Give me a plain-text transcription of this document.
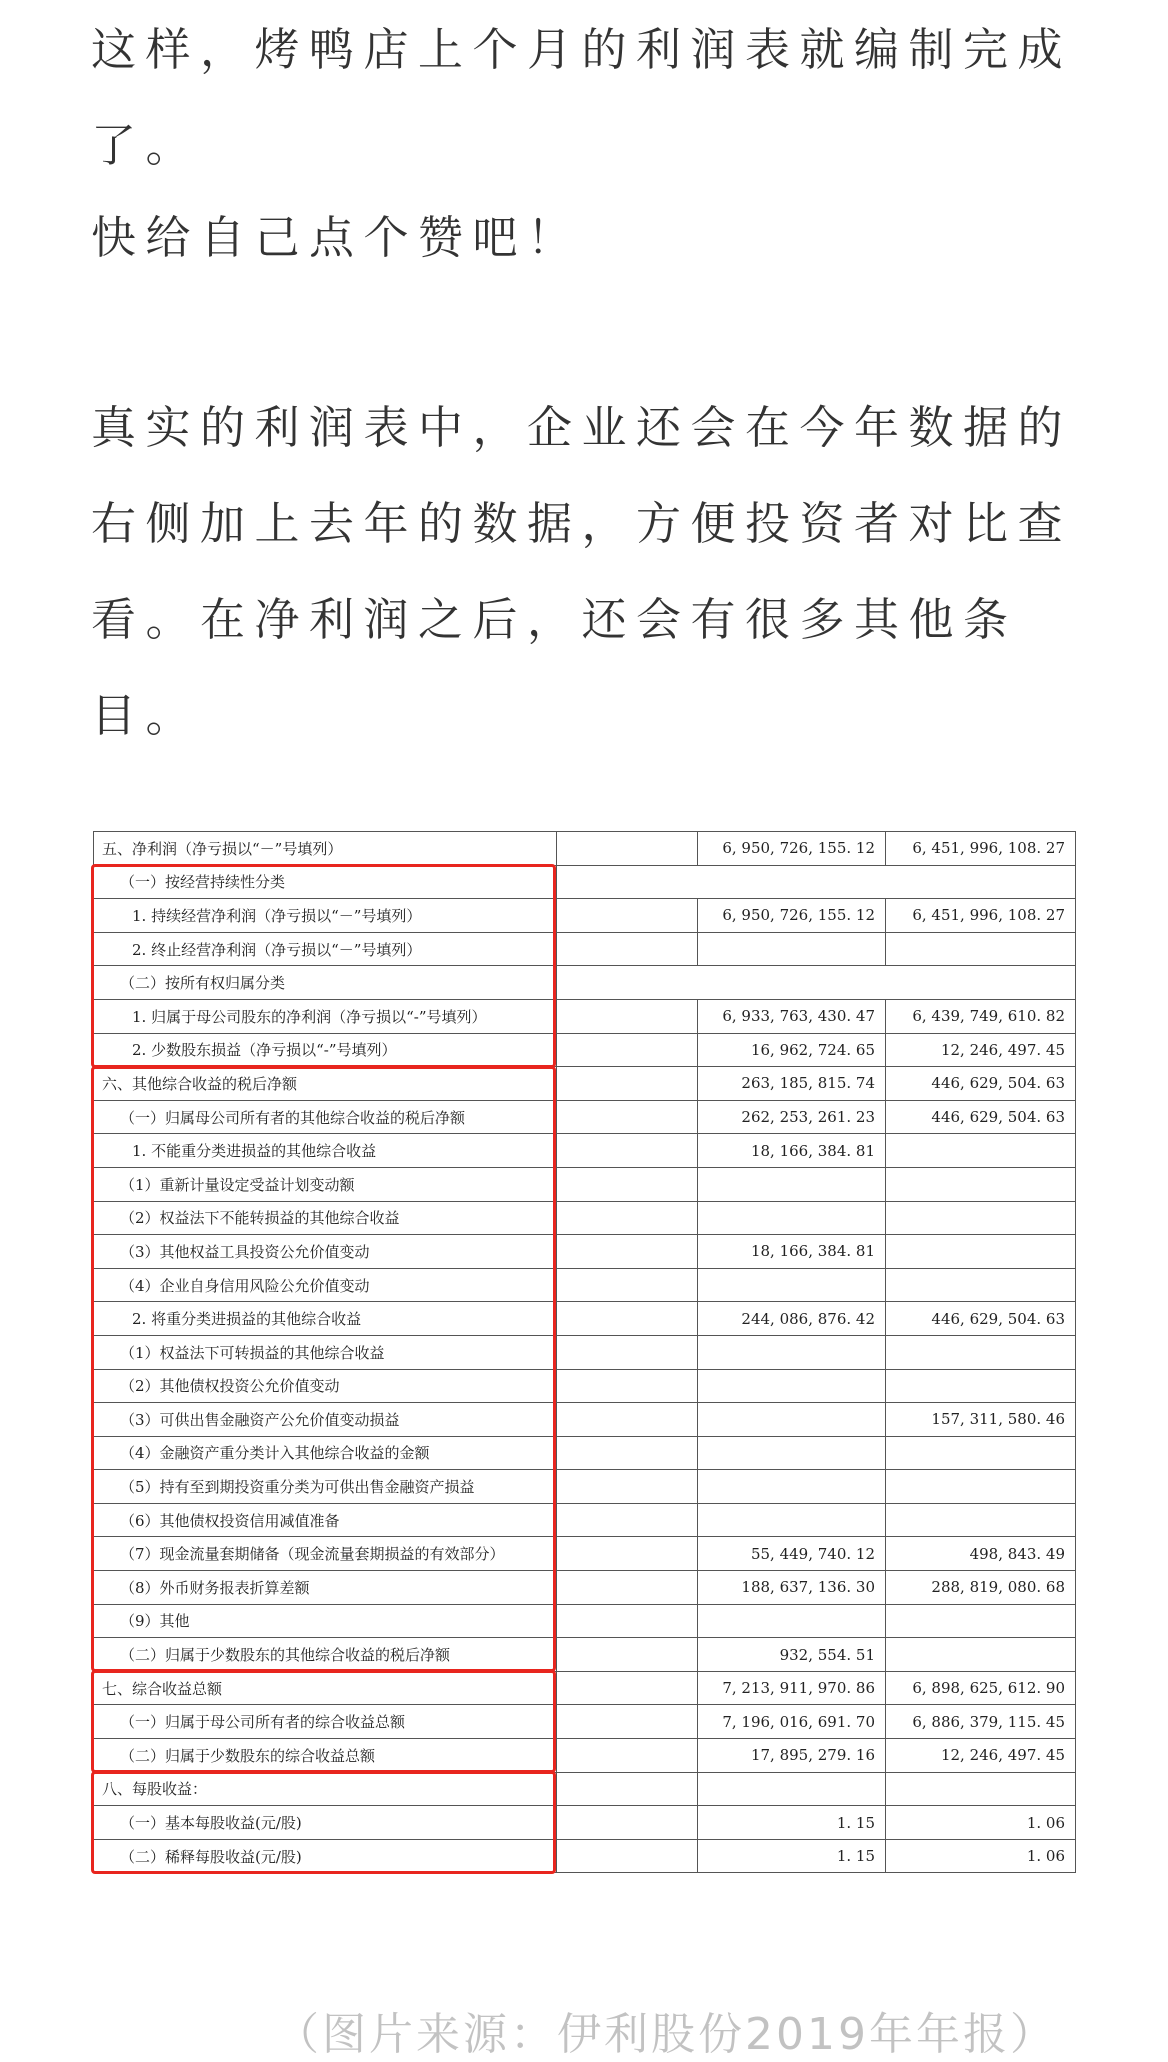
这样，烤鸭店上个月的利润表就编制完成了。

快给自己点个赞吧！

真实的利润表中，企业还会在今年数据的右侧加上去年的数据，方便投资者对比查看。在净利润之后，还会有很多其他条目。

五、净利润（净亏损以“－”号填列）		6, 950, 726, 155. 12	6, 451, 996, 108. 27
（一）按经营持续性分类			
1. 持续经营净利润（净亏损以“－”号填列）		6, 950, 726, 155. 12	6, 451, 996, 108. 27
2. 终止经营净利润（净亏损以“－”号填列）			
（二）按所有权归属分类			
1. 归属于母公司股东的净利润（净亏损以“-”号填列）		6, 933, 763, 430. 47	6, 439, 749, 610. 82
2. 少数股东损益（净亏损以“-”号填列）		16, 962, 724. 65	12, 246, 497. 45
六、其他综合收益的税后净额		263, 185, 815. 74	446, 629, 504. 63
（一）归属母公司所有者的其他综合收益的税后净额		262, 253, 261. 23	446, 629, 504. 63
1. 不能重分类进损益的其他综合收益		18, 166, 384. 81	
（1）重新计量设定受益计划变动额			
（2）权益法下不能转损益的其他综合收益			
（3）其他权益工具投资公允价值变动		18, 166, 384. 81	
（4）企业自身信用风险公允价值变动			
2. 将重分类进损益的其他综合收益		244, 086, 876. 42	446, 629, 504. 63
（1）权益法下可转损益的其他综合收益			
（2）其他债权投资公允价值变动			
（3）可供出售金融资产公允价值变动损益			157, 311, 580. 46
（4）金融资产重分类计入其他综合收益的金额			
（5）持有至到期投资重分类为可供出售金融资产损益			
（6）其他债权投资信用减值准备			
（7）现金流量套期储备（现金流量套期损益的有效部分）		55, 449, 740. 12	498, 843. 49
（8）外币财务报表折算差额		188, 637, 136. 30	288, 819, 080. 68
（9）其他			
（二）归属于少数股东的其他综合收益的税后净额		932, 554. 51	
七、综合收益总额		7, 213, 911, 970. 86	6, 898, 625, 612. 90
（一）归属于母公司所有者的综合收益总额		7, 196, 016, 691. 70	6, 886, 379, 115. 45
（二）归属于少数股东的综合收益总额		17, 895, 279. 16	12, 246, 497. 45
八、每股收益：			
（一）基本每股收益(元/股)		1. 15	1. 06
（二）稀释每股收益(元/股)		1. 15	1. 06
（图片来源：伊利股份2019年年报）
